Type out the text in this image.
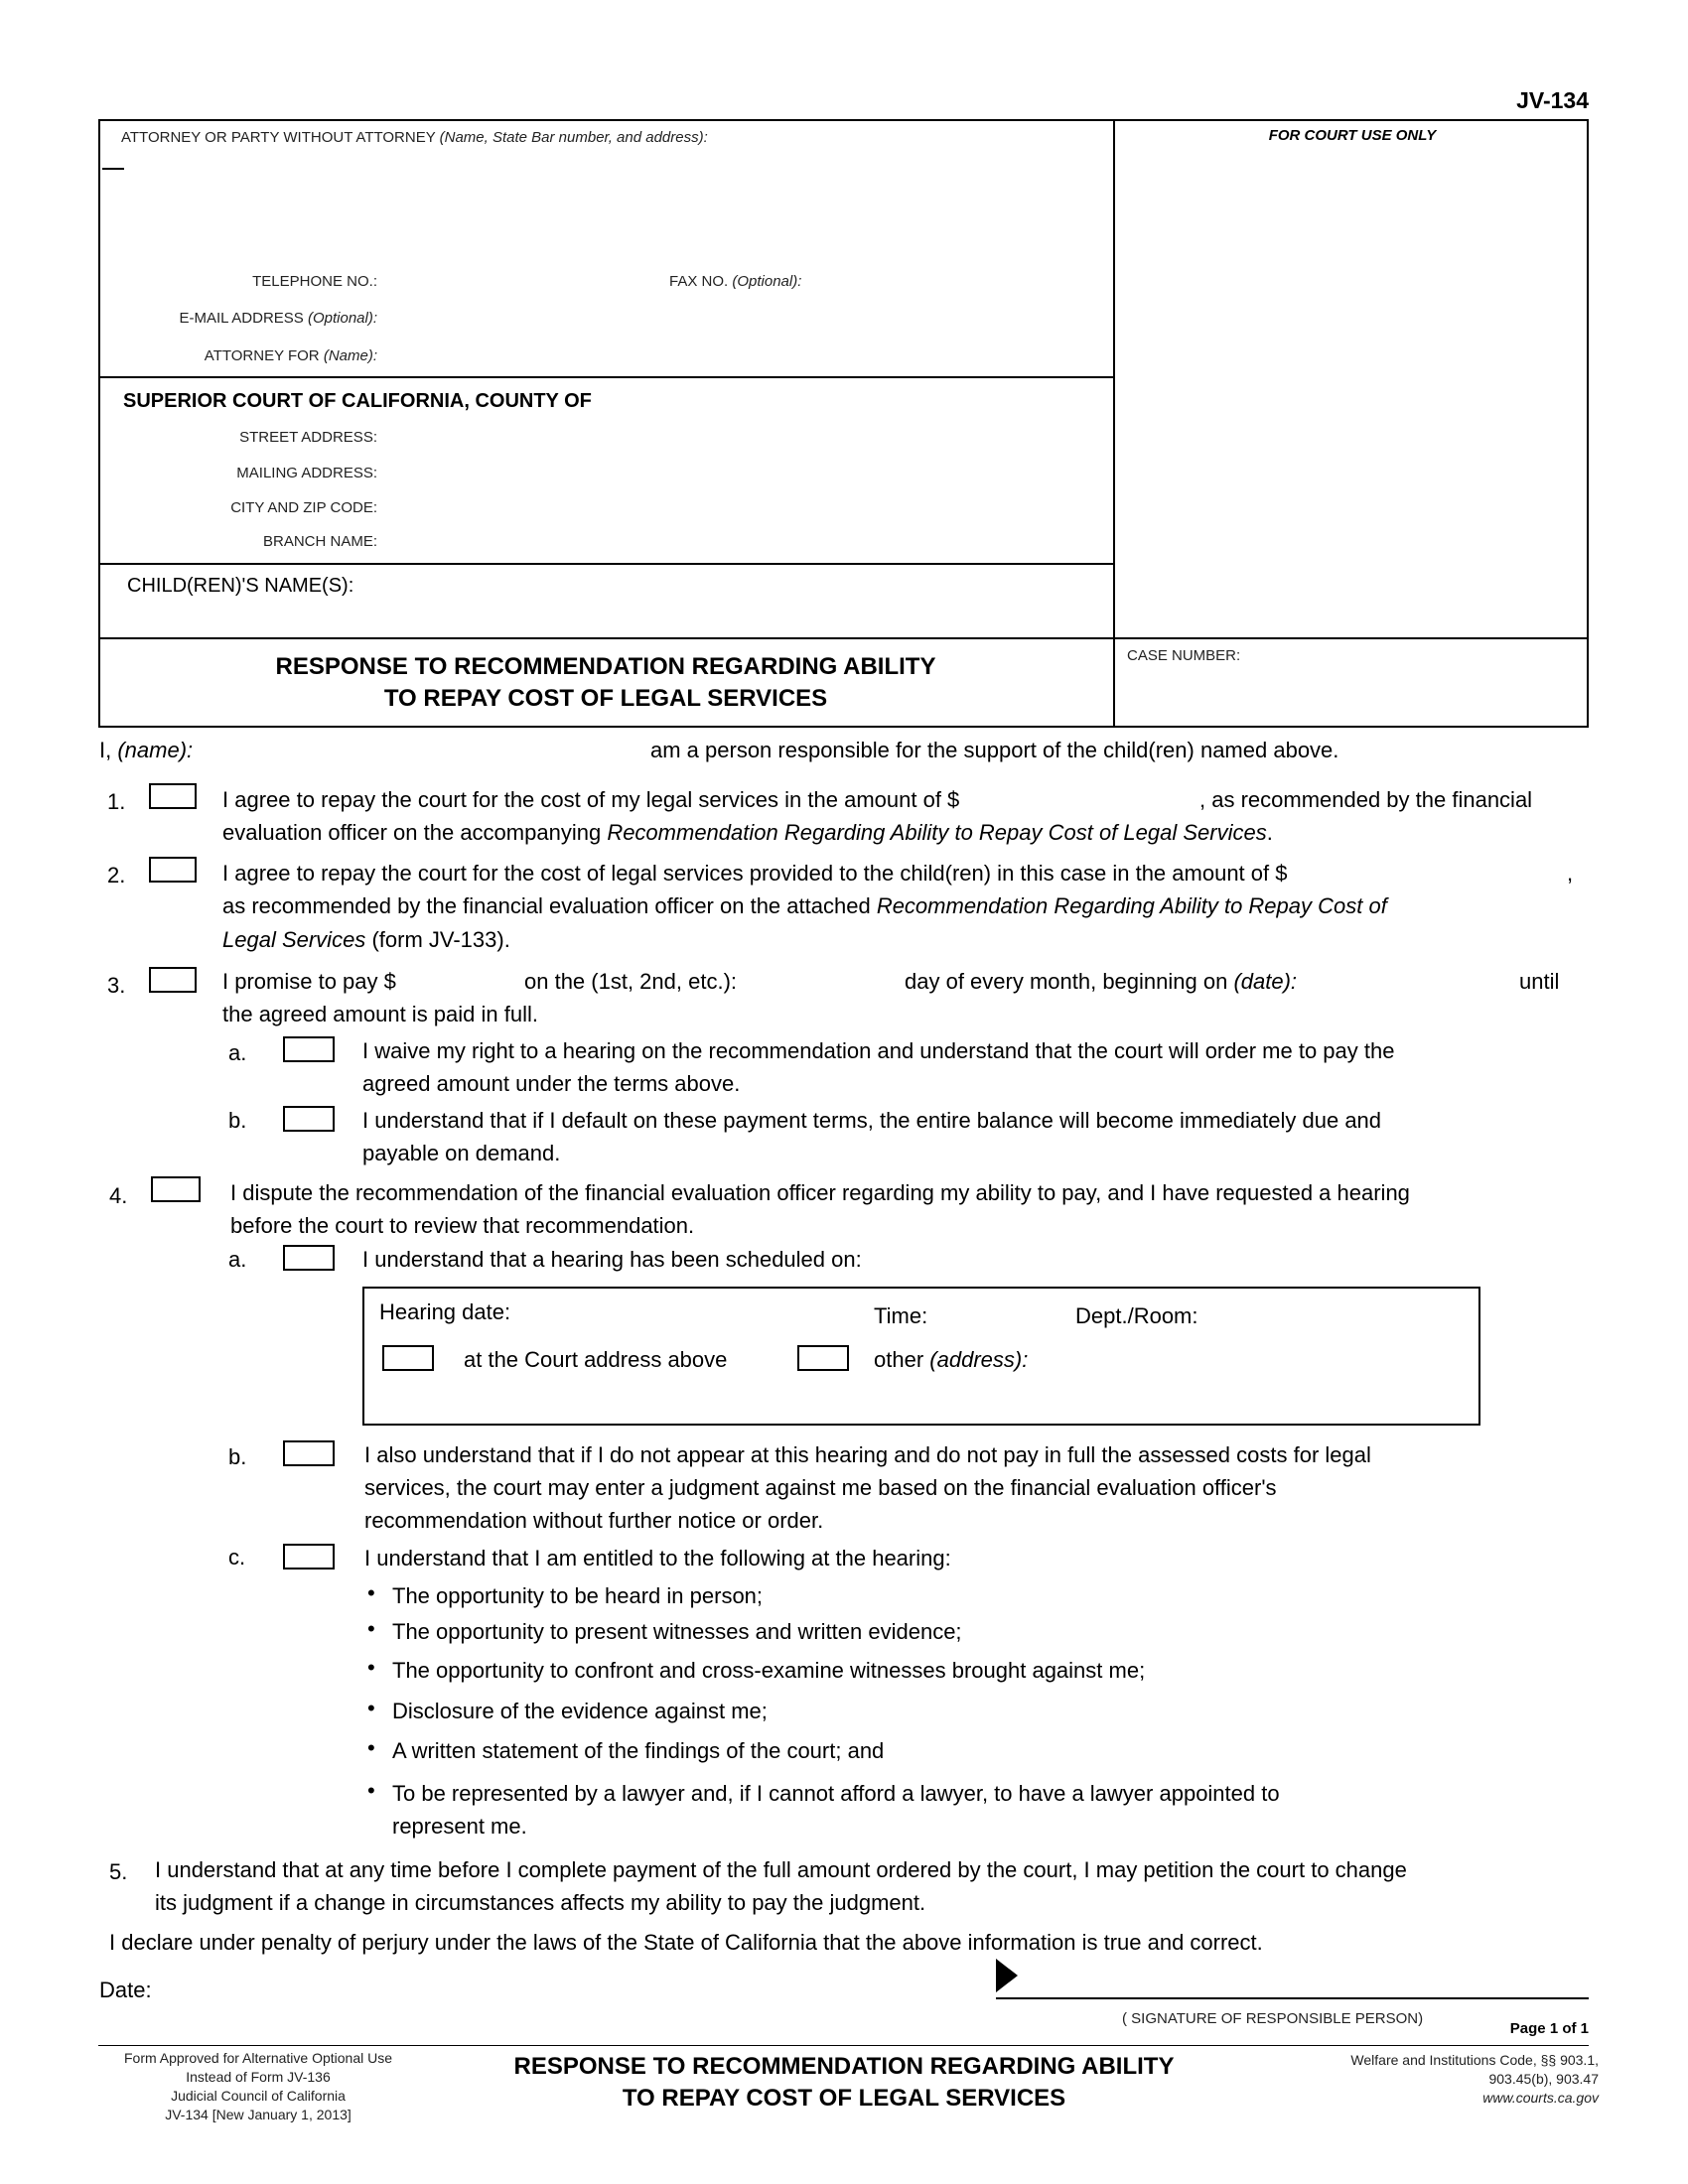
JV-134
ATTORNEY OR PARTY WITHOUT ATTORNEY (Name, State Bar number, and address):
TELEPHONE NO.:	FAX NO. (Optional):
E-MAIL ADDRESS (Optional):
ATTORNEY FOR (Name):
FOR COURT USE ONLY
SUPERIOR COURT OF CALIFORNIA, COUNTY OF
STREET ADDRESS:
MAILING ADDRESS:
CITY AND ZIP CODE:
BRANCH NAME:
CHILD(REN)'S NAME(S):
RESPONSE TO RECOMMENDATION REGARDING ABILITY
TO REPAY COST OF LEGAL SERVICES
CASE NUMBER:
I, (name):	am a person responsible for the support of the child(ren) named above.
1.	I agree to repay the court for the cost of my legal services in the amount of $	, as recommended by the financial
evaluation officer on the accompanying Recommendation Regarding Ability to Repay Cost of Legal Services.
2.	I agree to repay the court for the cost of legal services provided to the child(ren) in this case in the amount of $	,
as recommended by the financial evaluation officer on the attached Recommendation Regarding Ability to Repay Cost of
Legal Services (form JV-133).
3.	I promise to pay $	on the (1st, 2nd, etc.):	day of every month, beginning on (date):	until
the agreed amount is paid in full.
a.	I waive my right to a hearing on the recommendation and understand that the court will order me to pay the
agreed amount under the terms above.
b.	I understand that if I default on these payment terms, the entire balance will become immediately due and
payable on demand.
4.	I dispute the recommendation of the financial evaluation officer regarding my ability to pay, and I have requested a hearing
before the court to review that recommendation.
a.	I understand that a hearing has been scheduled on:
Hearing date:	Time:	Dept./Room:
at the Court address above	other (address):
b.	I also understand that if I do not appear at this hearing and do not pay in full the assessed costs for legal
services, the court may enter a judgment against me based on the financial evaluation officer's
recommendation without further notice or order.
c.	I understand that I am entitled to the following at the hearing:
• The opportunity to be heard in person;
• The opportunity to present witnesses and written evidence;
• The opportunity to confront and cross-examine witnesses brought against me;
• Disclosure of the evidence against me;
• A written statement of the findings of the court; and
• To be represented by a lawyer and, if I cannot afford a lawyer, to have a lawyer appointed to
represent me.
5. I understand that at any time before I complete payment of the full amount ordered by the court, I may petition the court to change
its judgment if a change in circumstances affects my ability to pay the judgment.
I declare under penalty of perjury under the laws of the State of California that the above information is true and correct.
Date:
( SIGNATURE OF RESPONSIBLE PERSON)
Page 1 of 1
Form Approved for Alternative Optional Use
Instead of Form JV-136
Judicial Council of California
JV-134 [New January 1, 2013]
RESPONSE TO RECOMMENDATION REGARDING ABILITY
TO REPAY COST OF LEGAL SERVICES
Welfare and Institutions Code, §§ 903.1,
903.45(b), 903.47
www.courts.ca.gov
